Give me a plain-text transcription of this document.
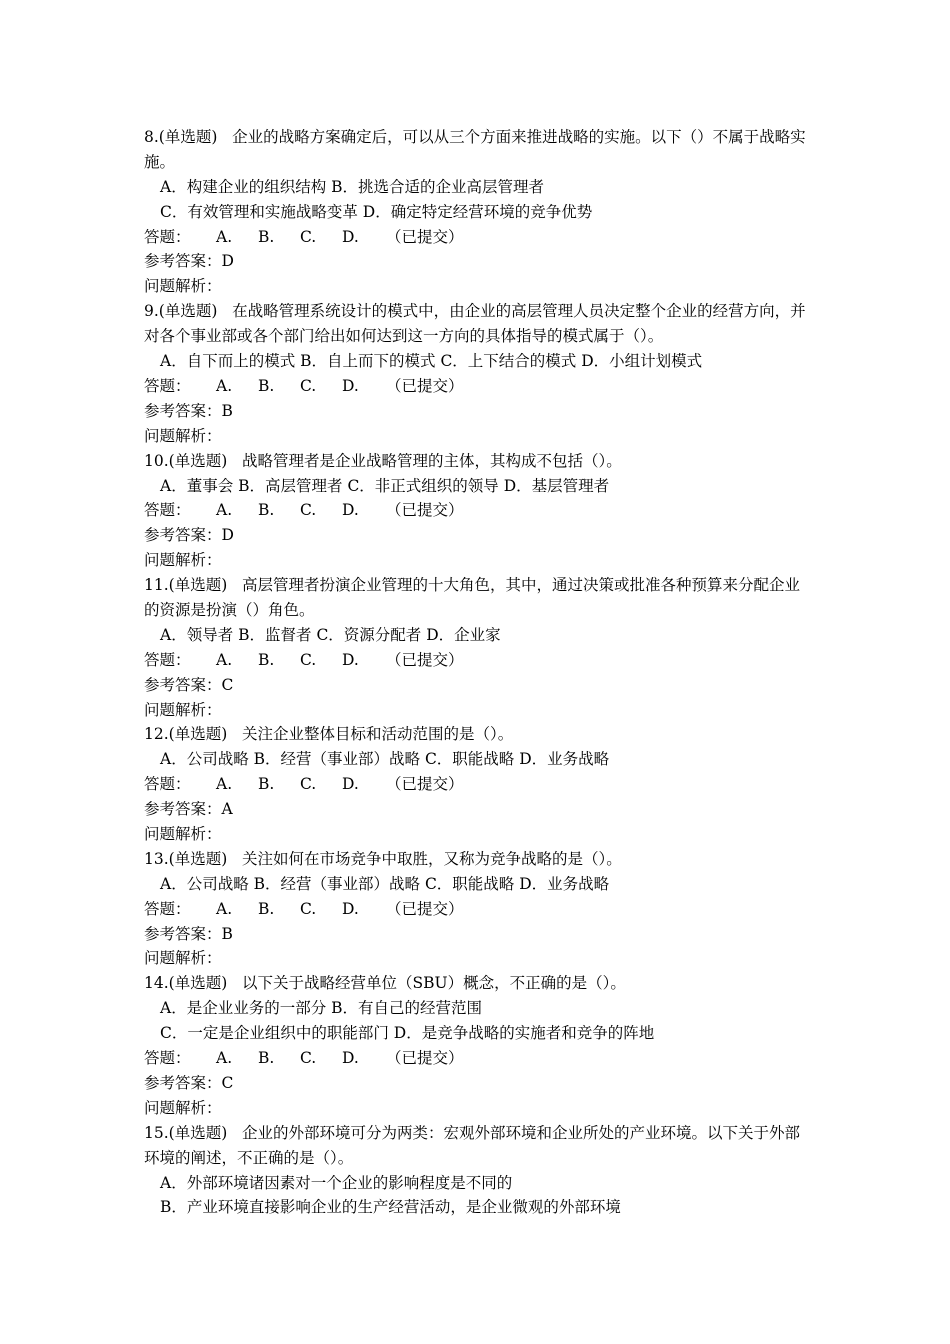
8.(单选题) 企业的战略方案确定后，可以从三个方面来推进战略的实施。以下（）不属于战略实施。
A．构建企业的组织结构 B．挑选合适的企业高层管理者
C．有效管理和实施战略变革 D．确定特定经营环境的竞争优势
答题： A. B. C. D. （已提交）
参考答案：D
问题解析：
9.(单选题) 在战略管理系统设计的模式中，由企业的高层管理人员决定整个企业的经营方向，并对各个事业部或各个部门给出如何达到这一方向的具体指导的模式属于（）。
A．自下而上的模式 B．自上而下的模式 C．上下结合的模式 D．小组计划模式
答题： A. B. C. D. （已提交）
参考答案：B
问题解析：
10.(单选题) 战略管理者是企业战略管理的主体，其构成不包括（）。
A．董事会 B．高层管理者 C．非正式组织的领导 D．基层管理者
答题： A. B. C. D. （已提交）
参考答案：D
问题解析：
11.(单选题) 高层管理者扮演企业管理的十大角色，其中，通过决策或批准各种预算来分配企业的资源是扮演（）角色。
A．领导者 B．监督者 C．资源分配者 D．企业家
答题： A. B. C. D. （已提交）
参考答案：C
问题解析：
12.(单选题) 关注企业整体目标和活动范围的是（）。
A．公司战略 B．经营（事业部）战略 C．职能战略 D．业务战略
答题： A. B. C. D. （已提交）
参考答案：A
问题解析：
13.(单选题) 关注如何在市场竞争中取胜，又称为竞争战略的是（）。
A．公司战略 B．经营（事业部）战略 C．职能战略 D．业务战略
答题： A. B. C. D. （已提交）
参考答案：B
问题解析：
14.(单选题) 以下关于战略经营单位（SBU）概念，不正确的是（）。
A．是企业业务的一部分 B．有自己的经营范围
C．一定是企业组织中的职能部门 D．是竞争战略的实施者和竞争的阵地
答题： A. B. C. D. （已提交）
参考答案：C
问题解析：
15.(单选题) 企业的外部环境可分为两类：宏观外部环境和企业所处的产业环境。以下关于外部环境的阐述，不正确的是（）。
A．外部环境诸因素对一个企业的影响程度是不同的
B．产业环境直接影响企业的生产经营活动，是企业微观的外部环境
